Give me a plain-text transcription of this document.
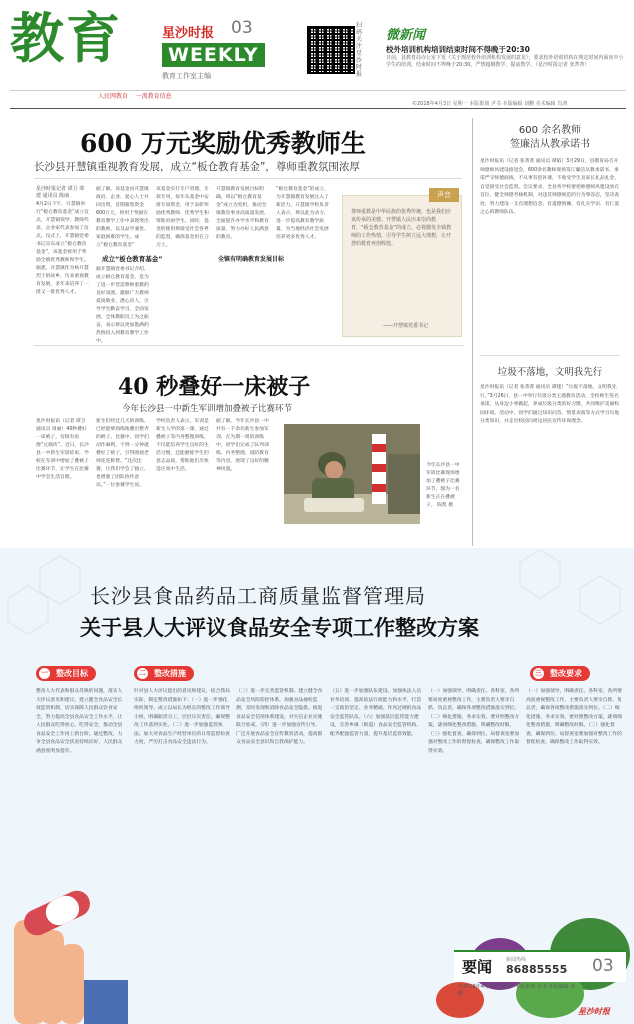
教育	星沙时报 03
WEEKLY
教育工作室主编
扫码关注星沙时报
微新闻
校外培训机构培训结束时间不得晚于20:30
日前，县教育局办公室下发《关于规范校外培训机构发展的意见》，要求校外培训机构在规定时间内面向中小学生的培训，结束时间不得晚于20:30，严禁超纲教学、提前教学。（星沙时报记者 张菁菁）
人民网教育 一流教育信息
©2018年4月3日 星期一 本版策划 尹书 本版编辑 刘鹏 美术编辑 肖鸿
600 万元奖励优秀教师生
长沙县开慧镇重视教育发展，成立“板仓教育基金”，尊师重教氛围浓厚
星沙时报记者 谭卫 谭建 通讯员 陈丽
4月2日下午，开慧镇举行“板仓教育基金”成立仪式，开慧镇领导、教师代表、企业家代表参加了仪式。仪式上，开慧镇党委书记宣布成立“板仓教育基金”，该基金将用于奖励全镇优秀教师和学生。据悉，开慧镇作为杨开慧烈士的故乡，历来重视教育发展，多年来培养了一批又一批优秀人才。
据了解，该基金由开慧镇政府、企业、爱心人士共同出资，首期募集资金600万元，将用于奖励在教育教学工作中表现突出的教师，以及品学兼优、家庭困难的学生。成立“板仓教育基金”
成立“板仓教育基金”
据开慧镇党委书记介绍，成立板仓教育基金，是为了进一步营造尊师重教的良好氛围，激励广大教师爱岗敬业、潜心育人，引导学生勤奋学习、全面发展。全体教职员工为之振奋，表示将以更加饱满的热情投入到教育教学工作中。
该基金实行专户管理，专款专用，每年从基金中安排专项资金，用于表彰奖励优秀教师、优秀学生和资助贫困学生。同时，基金的使用将接受社会各界的监督，确保基金用在刀刃上。
全镇有明确教育发展目标
开慧镇教育发展目标明确，将以“板仓教育基金”成立为契机，推动全镇教育事业高质量发展，全面提升办学水平和教育质量，努力办好人民满意的教育。
“板仓教育基金”的成立，为开慧镇教育发展注入了新活力。开慧镇学校负责人表示，将以此为动力，进一步提高教育教学质量，为当地经济社会发展培养更多优秀人才。
声音
尊师重教是中华民族的优秀传统，也是我们应该传承的美德。开慧镇人民历来崇尚教育，“板仓教育基金”的成立，必将激发全镇教师的工作热情，引导学生树立远大理想，让开慧的教育再创辉煌。
——开慧镇党委书记
600 余名教师
签廉洁从教承诺书
星沙时报讯（记者 张菁菁 通讯员 谭韬）3月29日，县教育局召开师德师风建设推进会，600余名教师现场签订廉洁从教承诺书，承诺严守师德底线，不从事有偿补课，不收受学生及家长礼品礼金，自觉接受社会监督。会议要求，全县各学校要把师德师风建设放在首位，健全师德考核机制，对违反师德规范的行为零容忍，坚决查处，努力建设一支有理想信念、有道德情操、有扎实学识、有仁爱之心的教师队伍。
垃圾不落地，文明我先行
星沙时报讯（记者 张菁菁 通讯员 谭建）“垃圾不落地，文明我先行。”3月26日，县一中举行垃圾分类主题教育活动，全校师生签名承诺，从身边小事做起，养成垃圾分类的好习惯，共同维护美丽校园环境。活动中，同学们通过知识问答、情景表演等方式学习垃圾分类知识，并走出校园向周边居民宣传环保理念。
40 秒叠好一床被子
今年长沙县一中新生军训增加叠被子比赛环节
星沙时报讯（记者 谭卫 通讯员 周丽）40秒叠好一床被子，有棱有角像“豆腐块”。近日，长沙县一中新生军训结束，学校在军训中增加了叠被子比赛环节，让学生在比赛中学会生活自理。
新生们经过几天的训练，已经能够熟练地叠出整齐的被子。比赛中，同学们动作麻利，不到一分钟就叠好了被子，引得围观老师连连称赞。“这次比赛，让我们学会了独立，也增强了团队协作意识。”一位参赛学生说。
学校负责人表示，军训是新生入学的第一课，通过叠被子等内务整理训练，不仅能培养学生良好的生活习惯，还能磨炼学生的意志品质，帮助他们尽快适应高中生活。
据了解，今年长沙县一中共有一千余名新生参加军训，在为期一周的训练中，同学们完成了队列训练、内务整理、国防教育等内容，展现了良好的精神风貌。
今年长沙县一中军训比赛现场增加了叠被子比赛环节，图为一名新生正在叠被子。 陈凯 摄
长沙县食品药品工商质量监督管理局
关于县人大评议食品安全专项工作整改方案
一 整改目标	二 整改措施	三 整改要求
整改人大代表和群众反映的问题，落实人大评议意见和建议，建立健全食品安全长效监管机制，切实保障人民群众饮食安全，努力提高全县食品安全工作水平，让人民群众吃得放心、吃得安全，推动全县食品安全工作再上新台阶。通过整改，力争全县食品安全状况持续向好，人民群众满意度明显提升。
针对县人大评议提出的意见和建议，结合我局实际，制定整改措施如下：（一）进一步强化组织领导。成立以局长为组长的整改工作领导小组，明确职责分工，层层压实责任，确保整改工作落到实处。（二）进一步加强监管执法。加大对食品生产经营单位的日常监督检查力度，严厉打击食品安全违法行为。
（三）进一步完善监管机制。建立健全食品安全风险防控体系，加强食品抽检监测，及时发现和消除食品安全隐患。推进食品安全信用体系建设，对失信企业实施联合惩戒。（四）进一步加强宣传引导。广泛开展食品安全宣传教育活动，提高群众食品安全意识和自我保护能力。
（五）进一步加强队伍建设。加强执法人员业务培训，提高依法行政能力和水平，打造一支政治坚定、业务精通、作风过硬的食品安全监管队伍。（六）加强基层监管能力建设，完善乡镇（街道）食品安全监管机构，配齐配强监管力量，提升基层监管效能。
（一）加强领导，明确责任。各科室、各所要高度重视整改工作，主要负责人要亲自抓、负总责，确保各项整改措施落实到位。（二）细化措施，务求实效。要对照整改方案，逐项细化整改措施，明确整改时限。（三）强化督查，确保到位。局督查室要加强对整改工作的督促检查，确保整改工作取得实效。
（一）加强领导，明确责任。各科室、各所要高度重视整改工作，主要负责人要亲自抓、负总责，确保各项整改措施落实到位。（二）细化措施，务求实效。要对照整改方案，逐项细化整改措施，明确整改时限。（三）强化督查，确保到位。局督查室要加强对整改工作的督促检查，确保整改工作取得实效。
要闻	新闻热线
86885555 03
©2018年4月3日 星期一 本版策划 尹书 本版编辑 刘鹏
星沙时报
